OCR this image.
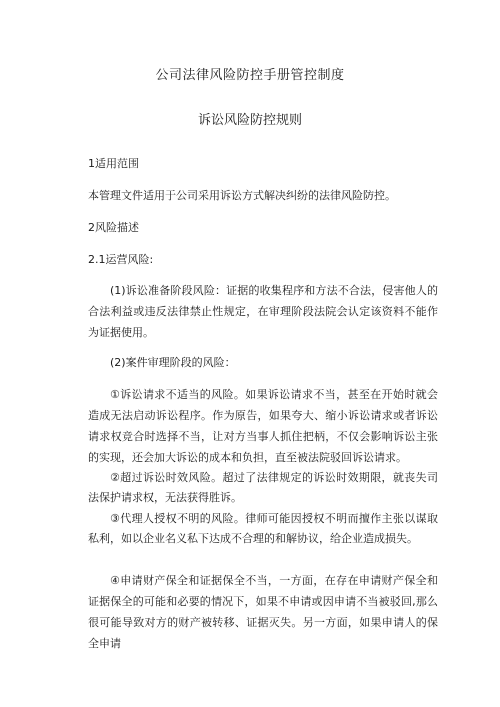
公司法律风险防控手册管控制度
诉讼风险防控规则
1适用范围
本管理文件适用于公司采用诉讼方式解决纠纷的法律风险防控。
2风险描述
2.1运营风险:
(1)诉讼准备阶段风险：证据的收集程序和方法不合法，侵害他人的合法利益或违反法律禁止性规定，在审理阶段法院会认定该资料不能作为证据使用。
(2)案件审理阶段的风险：
①诉讼请求不适当的风险。如果诉讼请求不当，甚至在开始时就会造成无法启动诉讼程序。作为原告，如果夸大、缩小诉讼请求或者诉讼请求权竞合时选择不当，让对方当事人抓住把柄，不仅会影响诉讼主张的实现，还会加大诉讼的成本和负担，直至被法院驳回诉讼请求。
②超过诉讼时效风险。超过了法律规定的诉讼时效期限，就丧失司法保护请求权，无法获得胜诉。
③代理人授权不明的风险。律师可能因授权不明而擅作主张以谋取私利，如以企业名义私下达成不合理的和解协议，给企业造成损失。
④申请财产保全和证据保全不当，一方面，在存在申请财产保全和证据保全的可能和必要的情况下，如果不申请或因申请不当被驳回,那么很可能导致对方的财产被转移、证据灭失。另一方面，如果申请人的保全申请
